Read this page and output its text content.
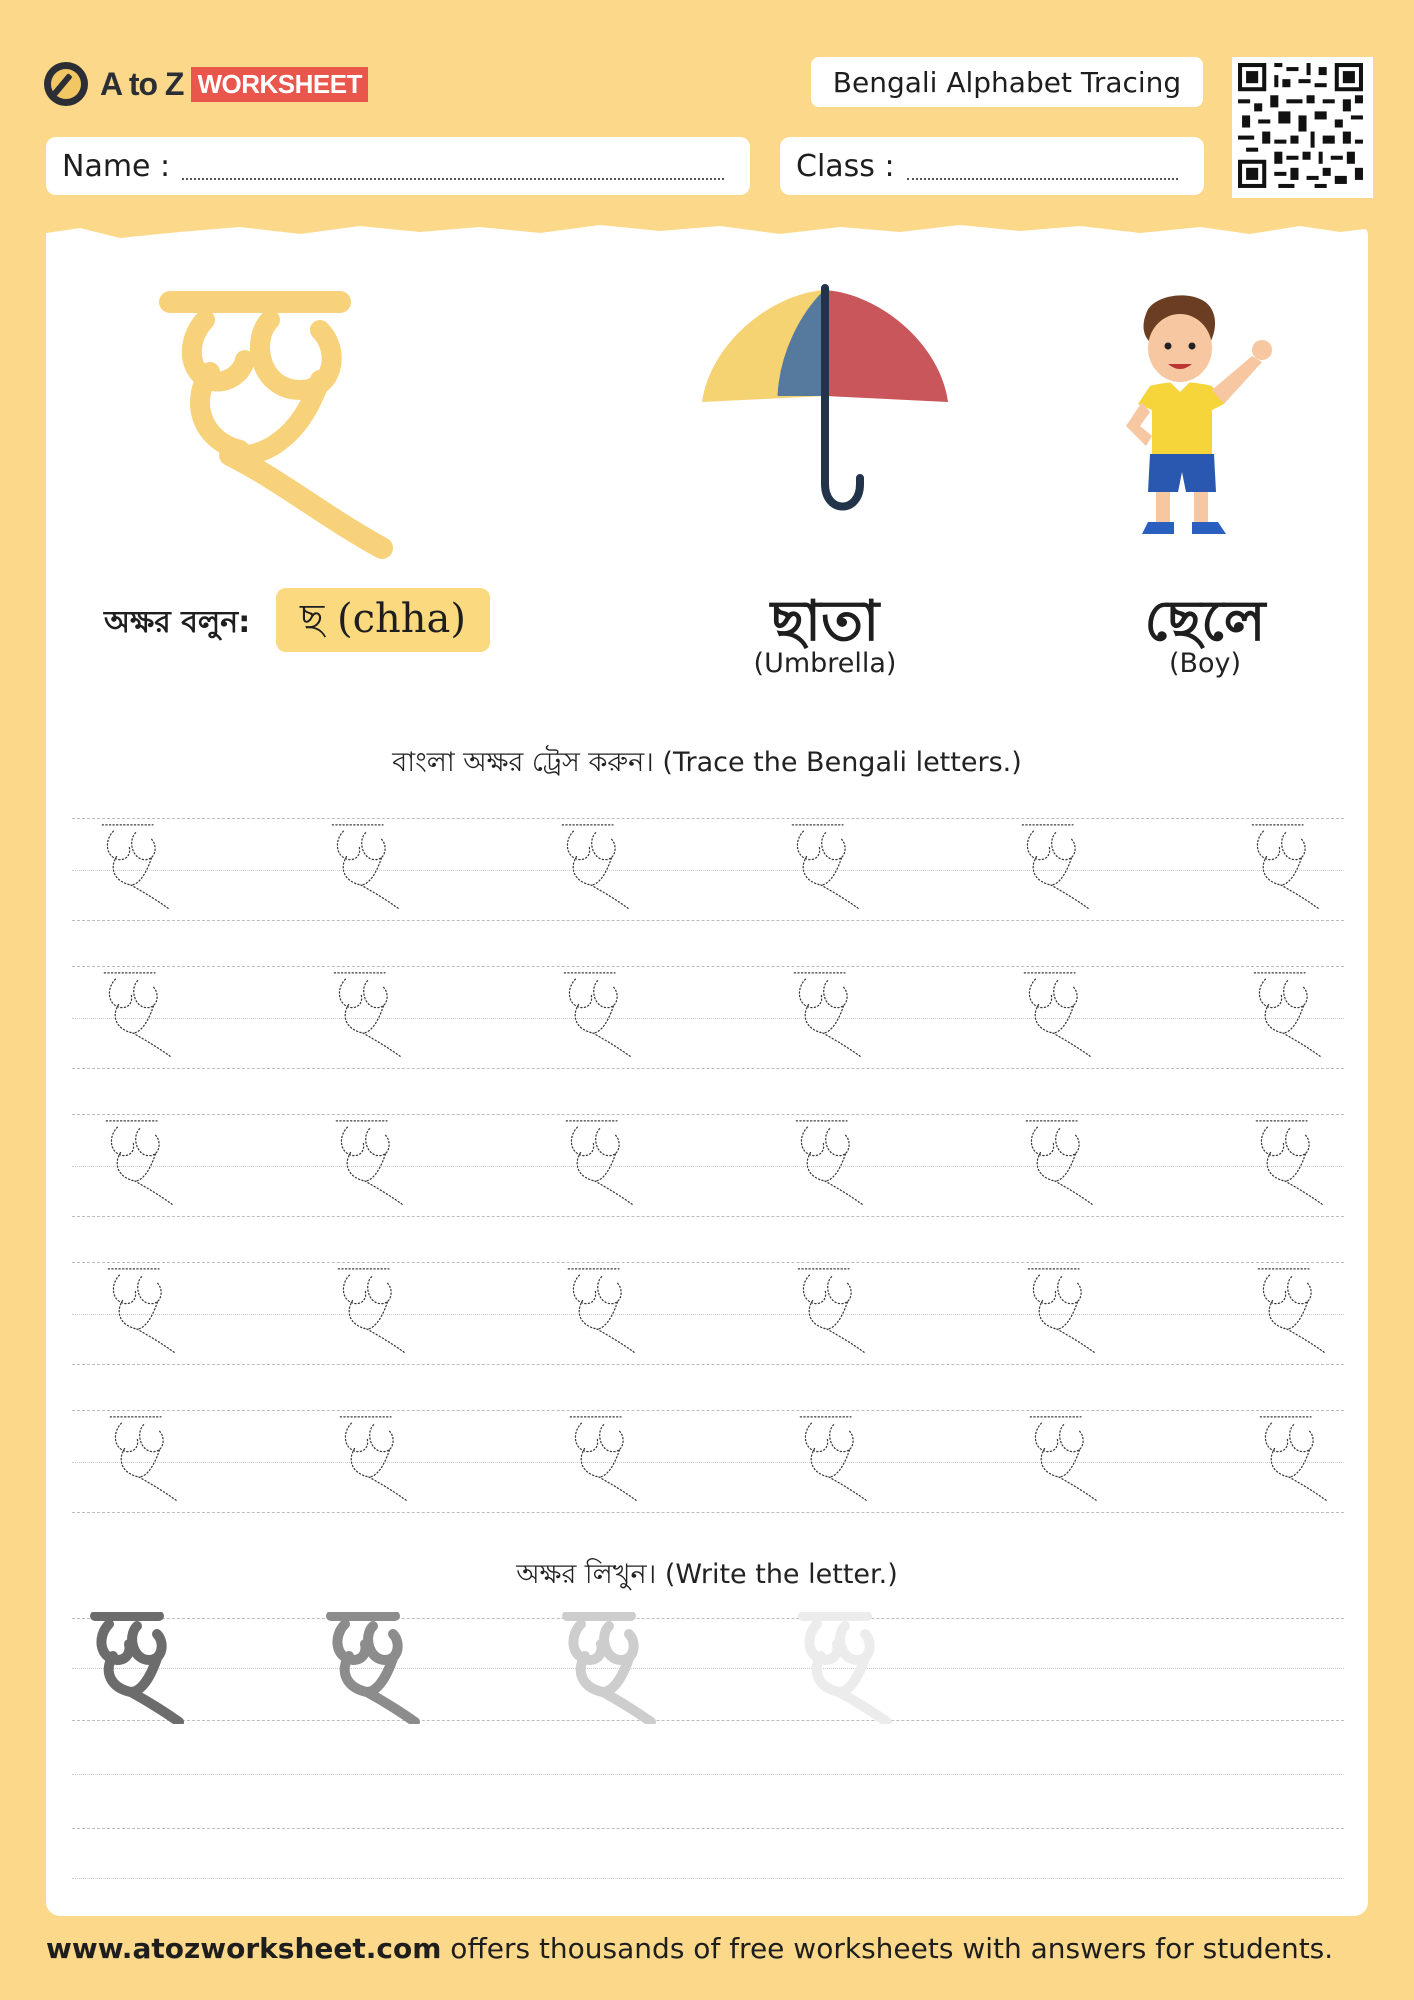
A to Z WORKSHEET	Bengali Alphabet Tracing
Name :	Class :
অক্ষর বলুন:	ছ (chha)	ছাতা
(Umbrella)
ছেলে
(Boy)
বাংলা অক্ষর ট্রেস করুন। (Trace the Bengali letters.)
অক্ষর লিখুন। (Write the letter.)
www.atozworksheet.com offers thousands of free worksheets with answers for students.
